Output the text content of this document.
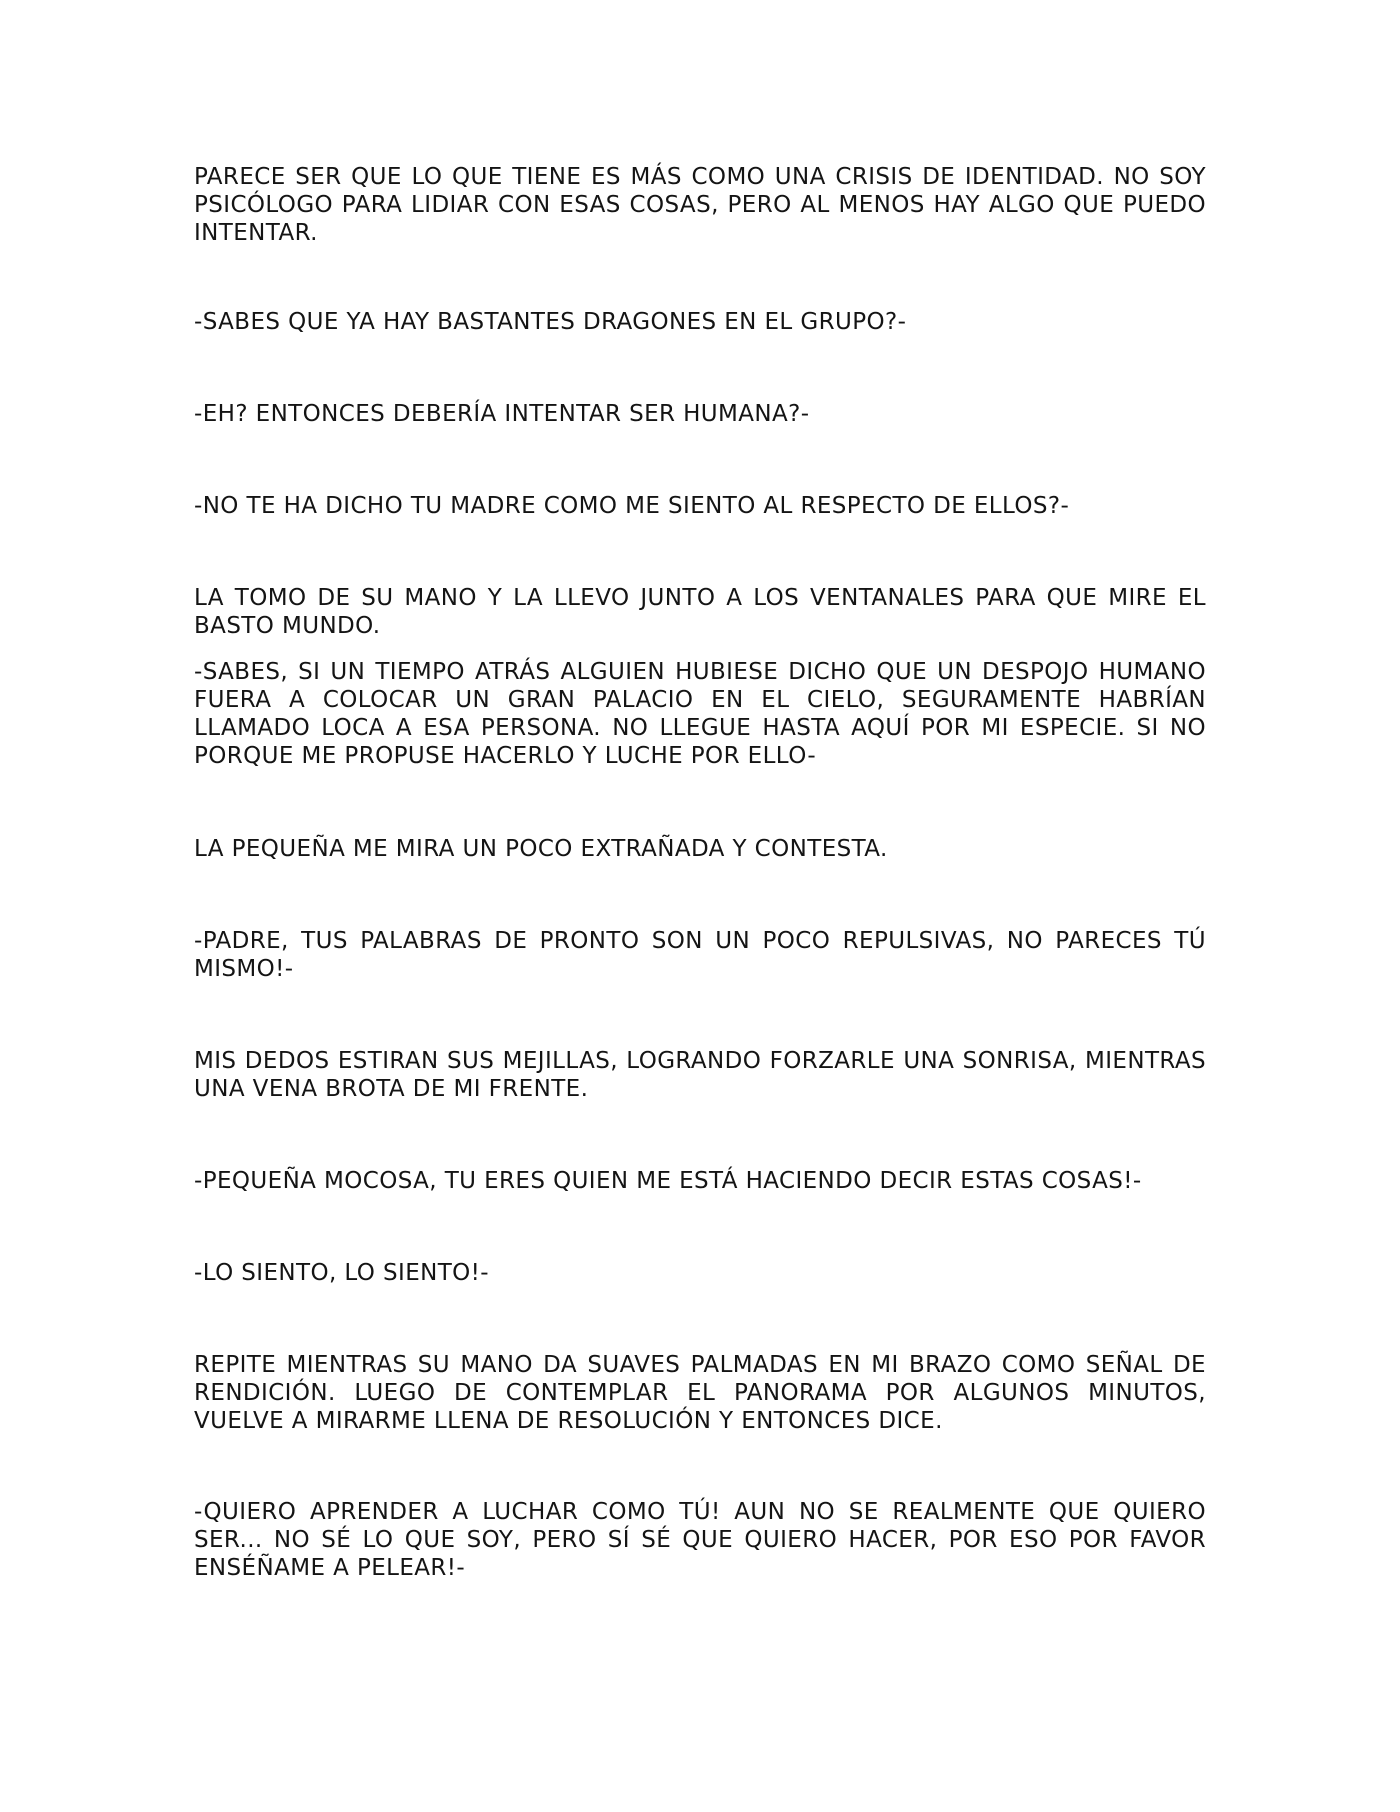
PARECE SER QUE LO QUE TIENE ES MÁS COMO UNA CRISIS DE IDENTIDAD. NO SOY PSICÓLOGO PARA LIDIAR CON ESAS COSAS, PERO AL MENOS HAY ALGO QUE PUEDO INTENTAR.

-SABES QUE YA HAY BASTANTES DRAGONES EN EL GRUPO?-

-EH? ENTONCES DEBERÍA INTENTAR SER HUMANA?-

-NO TE HA DICHO TU MADRE COMO ME SIENTO AL RESPECTO DE ELLOS?-

LA TOMO DE SU MANO Y LA LLEVO JUNTO A LOS VENTANALES PARA QUE MIRE EL BASTO MUNDO.

-SABES, SI UN TIEMPO ATRÁS ALGUIEN HUBIESE DICHO QUE UN DESPOJO HUMANO FUERA A COLOCAR UN GRAN PALACIO EN EL CIELO, SEGURAMENTE HABRÍAN LLAMADO LOCA A ESA PERSONA. NO LLEGUE HASTA AQUÍ POR MI ESPECIE. SI NO PORQUE ME PROPUSE HACERLO Y LUCHE POR ELLO-

LA PEQUEÑA ME MIRA UN POCO EXTRAÑADA Y CONTESTA.

-PADRE, TUS PALABRAS DE PRONTO SON UN POCO REPULSIVAS, NO PARECES TÚ MISMO!-

MIS DEDOS ESTIRAN SUS MEJILLAS, LOGRANDO FORZARLE UNA SONRISA, MIENTRAS UNA VENA BROTA DE MI FRENTE.

-PEQUEÑA MOCOSA, TU ERES QUIEN ME ESTÁ HACIENDO DECIR ESTAS COSAS!-

-LO SIENTO, LO SIENTO!-

REPITE MIENTRAS SU MANO DA SUAVES PALMADAS EN MI BRAZO COMO SEÑAL DE RENDICIÓN. LUEGO DE CONTEMPLAR EL PANORAMA POR ALGUNOS MINUTOS, VUELVE A MIRARME LLENA DE RESOLUCIÓN Y ENTONCES DICE.

-QUIERO APRENDER A LUCHAR COMO TÚ! AUN NO SE REALMENTE QUE QUIERO SER... NO SÉ LO QUE SOY, PERO SÍ SÉ QUE QUIERO HACER, POR ESO POR FAVOR ENSÉÑAME A PELEAR!-
